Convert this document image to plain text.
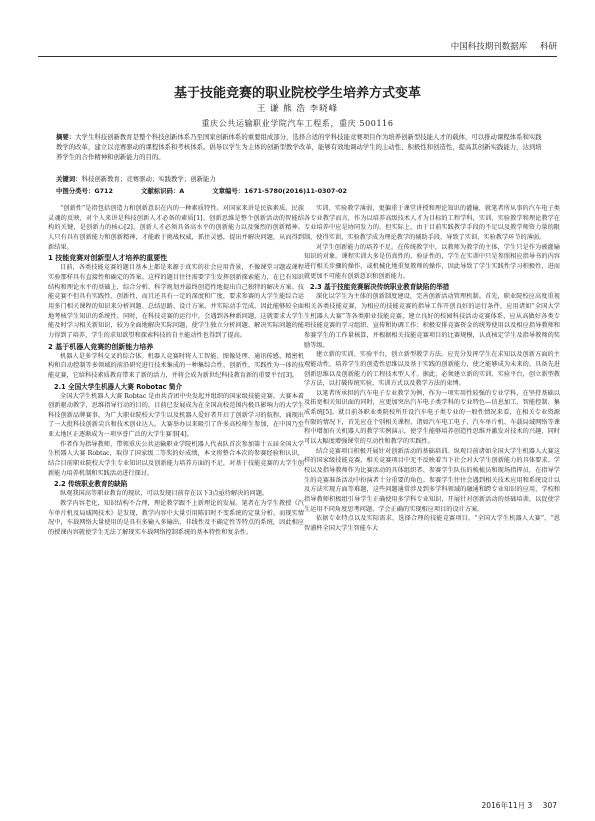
中国科技期刊数据库 科研
基于技能竞赛的职业院校学生培养方式变革
王 谦 熊 浩 李晓峰
重庆公共运输职业学院汽车工程系，重庆 500116
摘要：大学生科技创新教育是整个科技创新体系乃至国家创新体系的重要组成部分，选择合适的学科技能竞赛项目作为培养创新型技能人才的载体，可以推动课程体系和实践教学的改革，建立以竞赛驱动的课程体系和考核体系。倡导以学生为主体的创新型教学改革，能够有效地调动学生的主动性、积极性和创造性，提高其创新实践能力，达到培养学生的合作精神和创新能力的目的。
关键词：科技创新教育；竞赛驱动；实践教学；创新能力
中图分类号：G712	文献标识码：A	文章编号：1671-5780(2016)11-0307-02

“创新性”是指包括创造力和创新意识在内的一种素质特性。对国家来讲是民族素质、民族灵魂的反映，对个人来讲是科技创新人才必备的素质[1]。创新思维是整个创新活动的智能结构的关键，是创新力的核心[2]。创新人才必须具备高水平的创新能力以及强烈的创新精神。人只有具有创新能力和创新精神，才能敢于挑战权威，抓住灵感，提出并解决问题，从而得到新结果。

1 技能竞赛对创新型人才培养的重要性

目前，各类技能竞赛的题目基本上都是来源于真实的社会应用背景，不像课堂习题或课程实验那样具有直接性和确定的答案。这样的题目往往需要学生发挥创新探索能力，在已有知识结构和理论水平的基础上，综合分析、科学规划并最终创造性地提出自己独特的解决方案。技能竞赛不但具有实践性、创新性，而且还具有一定的深度和广度，要求参赛的大学生能综合运用多门相关课程的知识来分析问题、总结思路、设计方案，并实际动手完成。因此能够较全面地考核学生知识的系统性。同时，在科技竞赛的运行中，会遇到各种新问题，这就要求大学生能及时学习相关新知识，较为全面地解决实际问题，使学生独立分析问题、解决实际问题的能力得到了培养，学生的求知欲望和探索科技的自主能动性也得到了提高。

2 基于机器人竞赛的创新能力培养

机器人是多学科交叉的综合体。机器人竞赛时将人工智能、图像处理、通讯传感、精密机构和自动控制等多领域的前沿研究进行技术集成的一种集综合性、创新性、实践性为一体的技能竞赛，它给科技素质教育带来了新的活力，并将会成为新世纪科技教育新的重要平台[3]。

2.1 全国大学生机器人大赛 Robotac 简介

全国大学生机器人大赛 Robtac 是由共青团中央发起并组织的国家级技能竞赛，大赛本着创新驱动教学，思维指导行动的目的，目前已发展成为在全国高校范围内极具影响力的大学生科技创新品牌赛事，为广大职业院校大学生以及机器人爱好者开启了创新学习的航程，涌现出了一大批科技创新尖兵和技术创业达人。大赛举办以来吸引了许多高校师生参加，在中国乃至亚太地区正逐渐成为一项享誉广泛的大学生赛事[4]。

作者作为指导教师，带领重庆公共运输职业学院机器人代表队首次参加第十五届全国大学生机器人大赛 Robtac，取得了国家级二等奖的好成绩，本文将整合本次的参赛经验和认识，结合目前职业院校大学生专业知识以及创新能力培养方面的不足，对基于技能竞赛的大学生创新能力培养机制和实践活动进行探讨。

2.2 传统职业教育的缺陷

纵观我国高等职业教育的现状，可以发现目前存在以下3点亟待解决的问题。

教学内容老化，知识结构不合理，理论教学跟不上新理论的发展。笔者在为学生教授《汽车单片机及局域网技术》是发现，教学内容中大量引用陈旧时不变系统的定量分析。而现实情况中，车载网络大量使用的是具有多输入多输出、非线性及不确定性等特点的系统，因此相应的授课内容就使学生无法了解现实车载网络控制系统的基本特性和复杂性。

实训、实验教学薄弱，更偏重于课堂讲授和理论知识的灌输，就笔者所从事的汽车电子类各专业教学而言，作为以培养高级技术人才为目标的工程学科，实训、实验教学和理论教学在专业培养中应是协同发力的。但实际上，由于目前实践教学手段的不足以及教学师资力量的限制，使得实训、实验教学成为理论教学的辅助手段，导致了实训、实验教学环节的薄弱。

对学生创新能力的培养不足。在传统教学中，以教师为教学的主体，学生只是作为被灌输知识的对象。课程实训大多是仿真性的、验证性的，学生在实训中只是参照相应指导书的内容进行相关步骤的操作，或机械化地重复教师的操作，因此导致了学生实践性学习积极性，进而就更加不可能有创新意识和创新能力。

2.3 基于技能竞赛解决传统职业教育缺陷的举措

深化以学生为主体的创新制度建设，完善创新活动管理机制。首先，职业院校应高度重视相关各类技能竞赛，为相应的技能竞赛的指导工作开创良好的运行条件，应用诸如“全国大学生机器人大赛”等各类职业技能竞赛，建立良好的校园科技活动竞赛体系，应从高做好各类专项技能竞赛的学习组织、宣传和协调工作；积极安排竞赛资金的统筹使用以及相应指导教师和参赛学生的工作量核算，并根据相关技能竞赛项目的比赛规模，认真核定学生及指导教师的奖励等级。

建立新的实训、实验平台，创立新型教学方法。应充分发挥学生在求知以及创新方面的主观能动性，培养学生的创造性思维以及基于实践的创新能力，使之能够成为未来的、具备先进创新思维以及创新能力的工程技术型人才。据此，必须建立新的实训、实验平台，创立新型教学方法，以打破传统实验、实训方式以及教学方法的束缚。

以笔者所承担的汽车电子专业教学为例，作为一项实用性较强的专业学科，在坚持基础以及拓宽相关知识面的同时，应更加突出汽车电子类学科的专业特色—信息加工、智能控制、集成系统[5]。就目前各职业类院校所开设汽车电子类专业的一般性情况来看，在相关专业资源有限的情况下，首先应在个别相关课程，诸如汽车电工电子、汽车单片机、车载局域网络等课程中增加有关机器人的教学实例演示，使学生能够培养创造性思维并激发对技术的兴趣，同时可以大幅度增强课堂的互动性和教学的实践性。

结合竞赛项目积极开展针对创新活动的基础培训。纵观目前诸如全国大学生机器人大赛这样的国家级技能竞赛，相关竞赛项目中无不反映着当下社会对大学生创新能力的具体要求。学校以及指导教师作为比赛活动的具体组织者、参赛学生队伍的梳梳员和现场指挥员，在指导学生的竞赛准备活动中扮演者十分重要的角色。参赛学生往往会遇到相关技术应用和系统设计以及方法实现方面等难题，这些问题通常涉及到多学科领域的融通和跨专业知识的应用，学校和指导教师积极组引导学生正确使用多学科专业知识，开展针对创新活动的基础培训，以促使学生运用不同角度思考问题、学会正确的实现相应项目的设计方案。

依据专业特点以及实际需求，选择合理的技能竞赛项目。“全国大学生机器人大赛”、“恩智浦杯全国大学生智能车大

2016年11月 3 307
